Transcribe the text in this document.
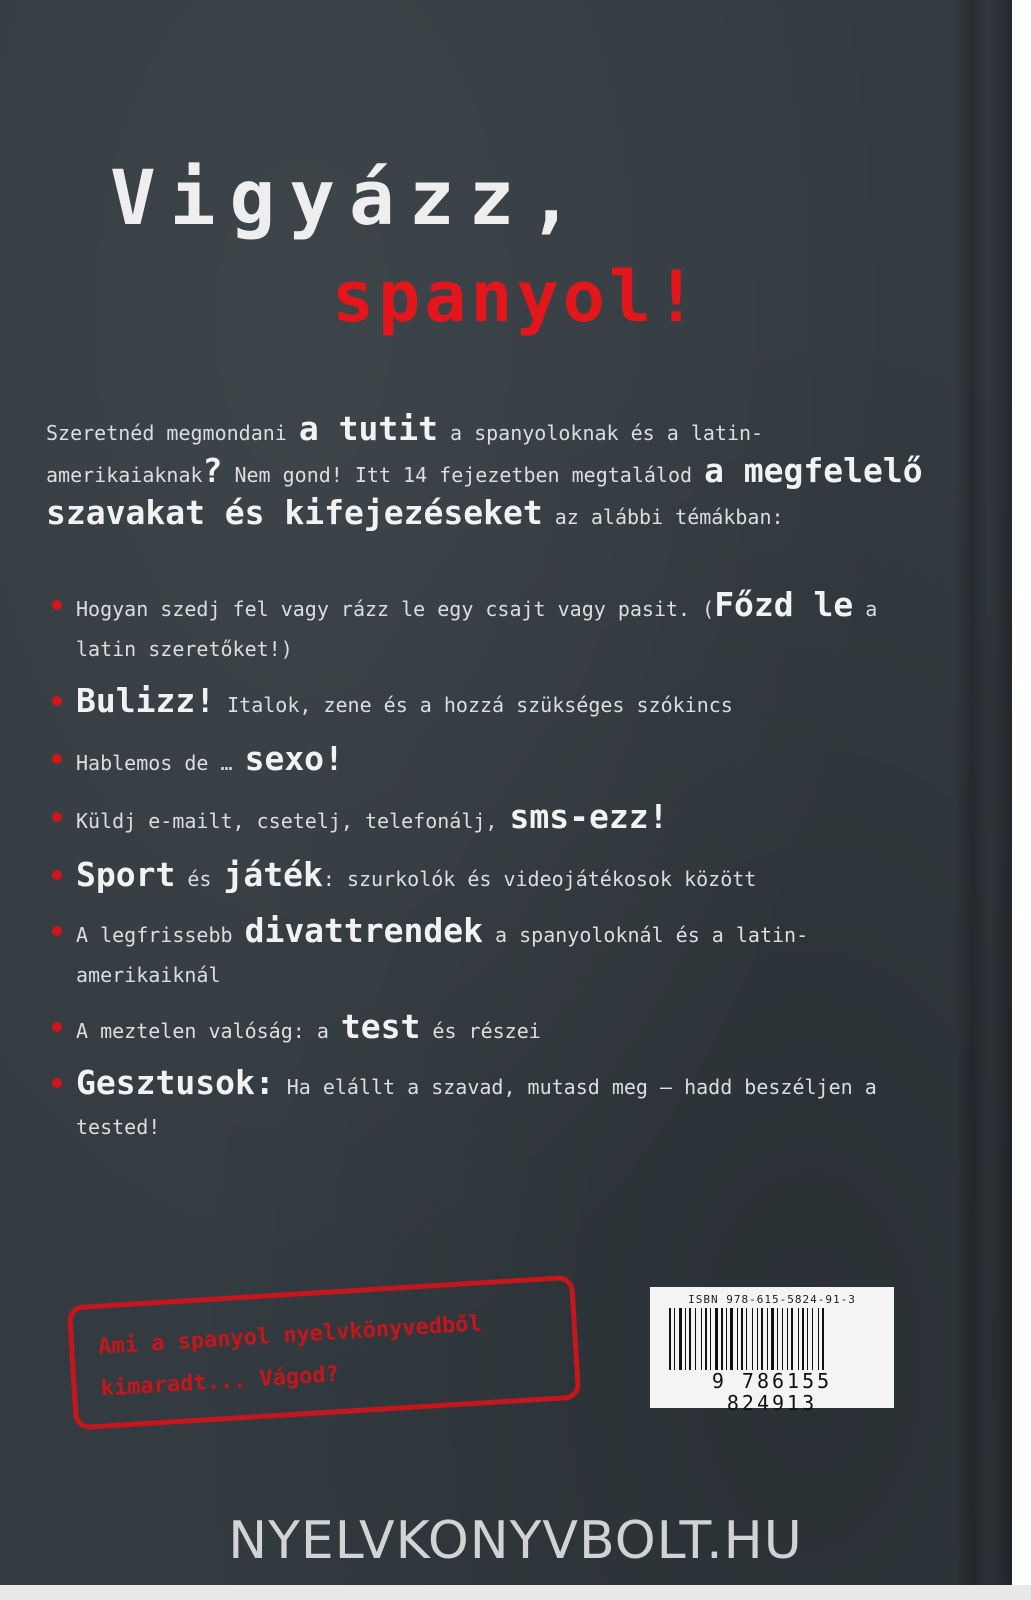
Vigyázz,
spanyol!
Szeretnéd megmondani a tutit a spanyoloknak és a latin-amerikaiaknak? Nem gond! Itt 14 fejezetben megtalálod a megfelelő szavakat és kifejezéseket az alábbi témákban:
Hogyan szedj fel vagy rázz le egy csajt vagy pasit. (Főzd le a latin szeretőket!)
Bulizz! Italok, zene és a hozzá szükséges szókincs
Hablemos de … sexo!
Küldj e-mailt, csetelj, telefonálj, sms-ezz!
Sport és játék: szurkolók és videojátékosok között
A legfrissebb divattrendek a spanyoloknál és a latin-amerikaiknál
A meztelen valóság: a test és részei
Gesztusok: Ha elállt a szavad, mutasd meg – hadd beszéljen a tested!
Ami a spanyol nyelvkönyvedből
kimaradt... Vágod?
ISBN 978-615-5824-91-3
9 786155 824913
NYELVKONYVBOLT.HU
